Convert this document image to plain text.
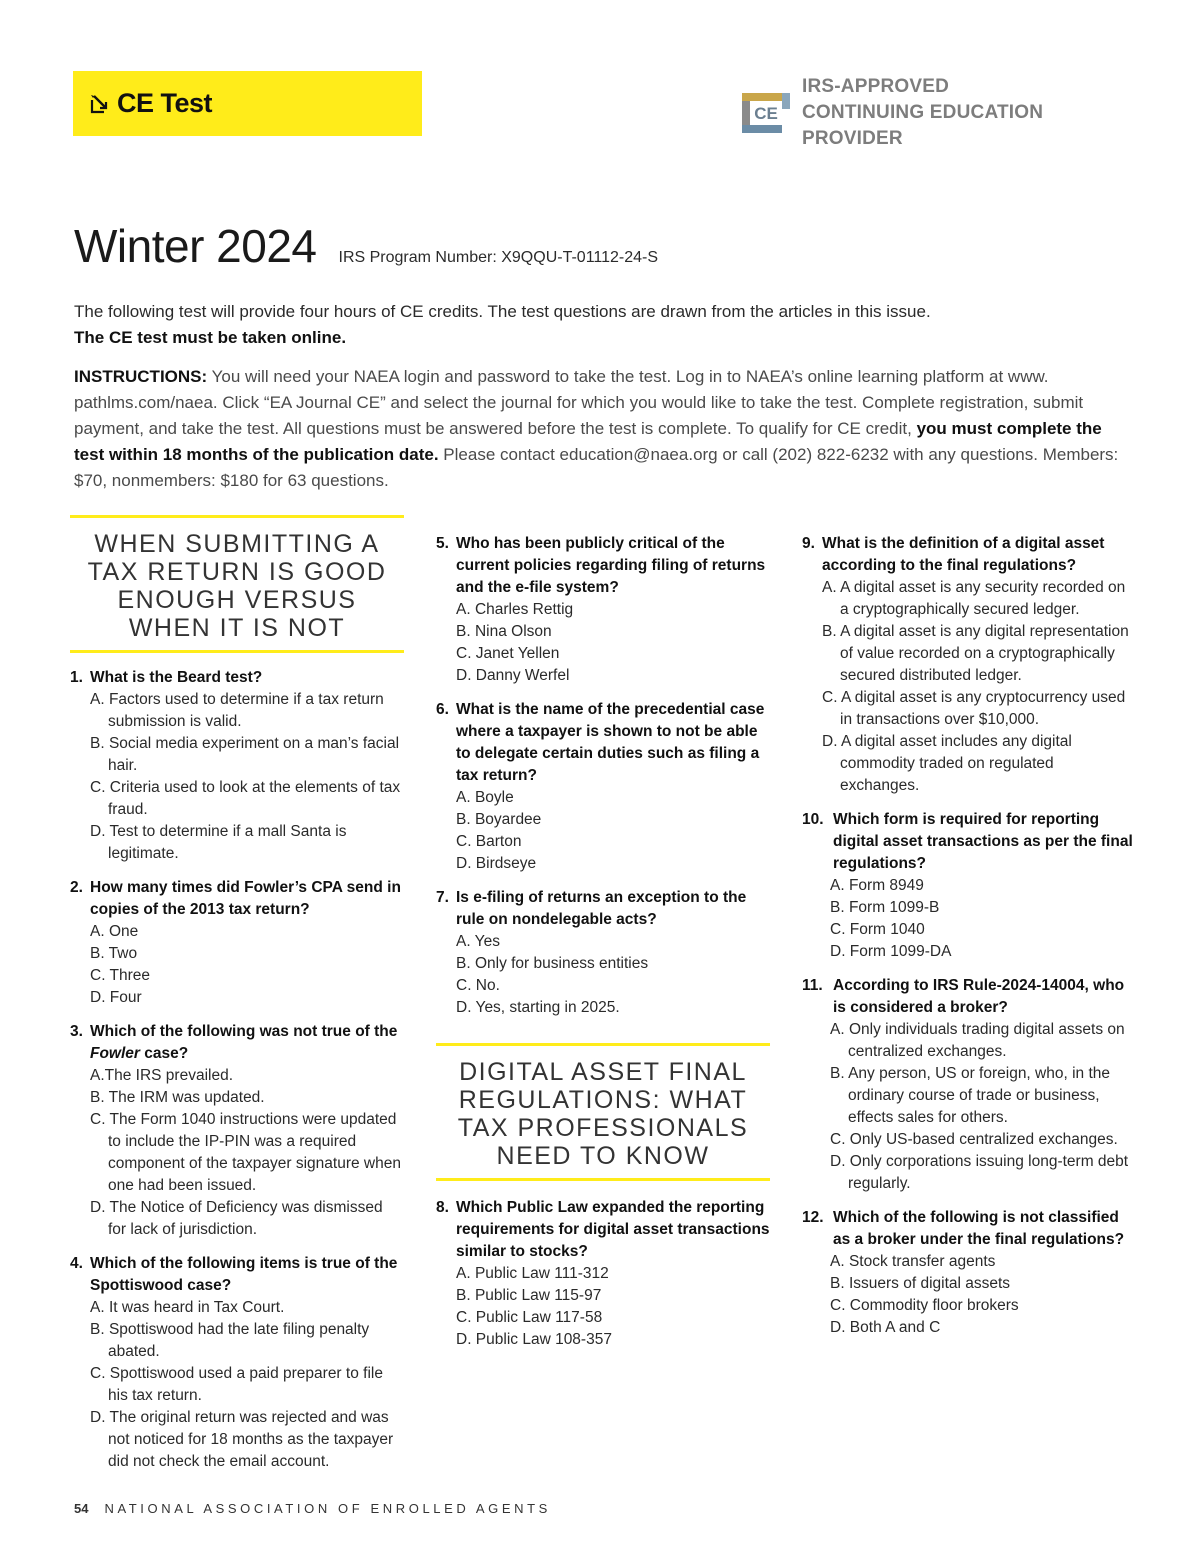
CE Test	CE
IRS-APPROVED
CONTINUING EDUCATION
PROVIDER
Winter 2024 IRS Program Number: X9QQU-T-01112-24-S

The following test will provide four hours of CE credits. The test questions are drawn from the articles in this issue.

The CE test must be taken online.

INSTRUCTIONS: You will need your NAEA login and password to take the test. Log in to NAEA’s online learning platform at www. pathlms.com/naea. Click “EA Journal CE” and select the journal for which you would like to take the test. Complete registration, submit payment, and take the test. All questions must be answered before the test is complete. To qualify for CE credit, you must complete the test within 18 months of the publication date. Please contact education@naea.org or call (202) 822-6232 with any questions. Members: $70, nonmembers: $180 for 63 questions.

WHEN SUBMITTING A TAX RETURN IS GOOD ENOUGH VERSUS WHEN IT IS NOT
1. What is the Beard test?
A. Factors used to determine if a tax return submission is valid.
B. Social media experiment on a man’s facial hair.
C. Criteria used to look at the elements of tax fraud.
D. Test to determine if a mall Santa is legitimate.
2. How many times did Fowler’s CPA send in copies of the 2013 tax return?
A. One
B. Two
C. Three
D. Four
3. Which of the following was not true of the Fowler case?
A.The IRS prevailed.
B. The IRM was updated.
C. The Form 1040 instructions were updated to include the IP-PIN was a required component of the taxpayer signature when one had been issued.
D. The Notice of Deficiency was dismissed for lack of jurisdiction.
4. Which of the following items is true of the Spottiswood case?
A. It was heard in Tax Court.
B. Spottiswood had the late filing penalty abated.
C. Spottiswood used a paid preparer to file his tax return.
D. The original return was rejected and was not noticed for 18 months as the taxpayer did not check the email account.
5. Who has been publicly critical of the current policies regarding filing of returns and the e-file system?
A. Charles Rettig
B. Nina Olson
C. Janet Yellen
D. Danny Werfel
6. What is the name of the precedential case where a taxpayer is shown to not be able to delegate certain duties such as filing a tax return?
A. Boyle
B. Boyardee
C. Barton
D. Birdseye
7. Is e-filing of returns an exception to the rule on nondelegable acts?
A. Yes
B. Only for business entities
C. No.
D. Yes, starting in 2025.
DIGITAL ASSET FINAL REGULATIONS: WHAT TAX PROFESSIONALS NEED TO KNOW
8. Which Public Law expanded the reporting requirements for digital asset transactions similar to stocks?
A. Public Law 111-312
B. Public Law 115-97
C. Public Law 117-58
D. Public Law 108-357
9. What is the definition of a digital asset according to the final regulations?
A. A digital asset is any security recorded on a cryptographically secured ledger.
B. A digital asset is any digital representation of value recorded on a cryptographically secured distributed ledger.
C. A digital asset is any cryptocurrency used in transactions over $10,000.
D. A digital asset includes any digital commodity traded on regulated exchanges.
10. Which form is required for reporting digital asset transactions as per the final regulations?
A. Form 8949
B. Form 1099-B
C. Form 1040
D. Form 1099-DA
11. According to IRS Rule-2024-14004, who is considered a broker?
A. Only individuals trading digital assets on centralized exchanges.
B. Any person, US or foreign, who, in the ordinary course of trade or business, effects sales for others.
C. Only US-based centralized exchanges.
D. Only corporations issuing long-term debt regularly.
12. Which of the following is not classified as a broker under the final regulations?
A. Stock transfer agents
B. Issuers of digital assets
C. Commodity floor brokers
D. Both A and C
54 NATIONAL ASSOCIATION OF ENROLLED AGENTS
